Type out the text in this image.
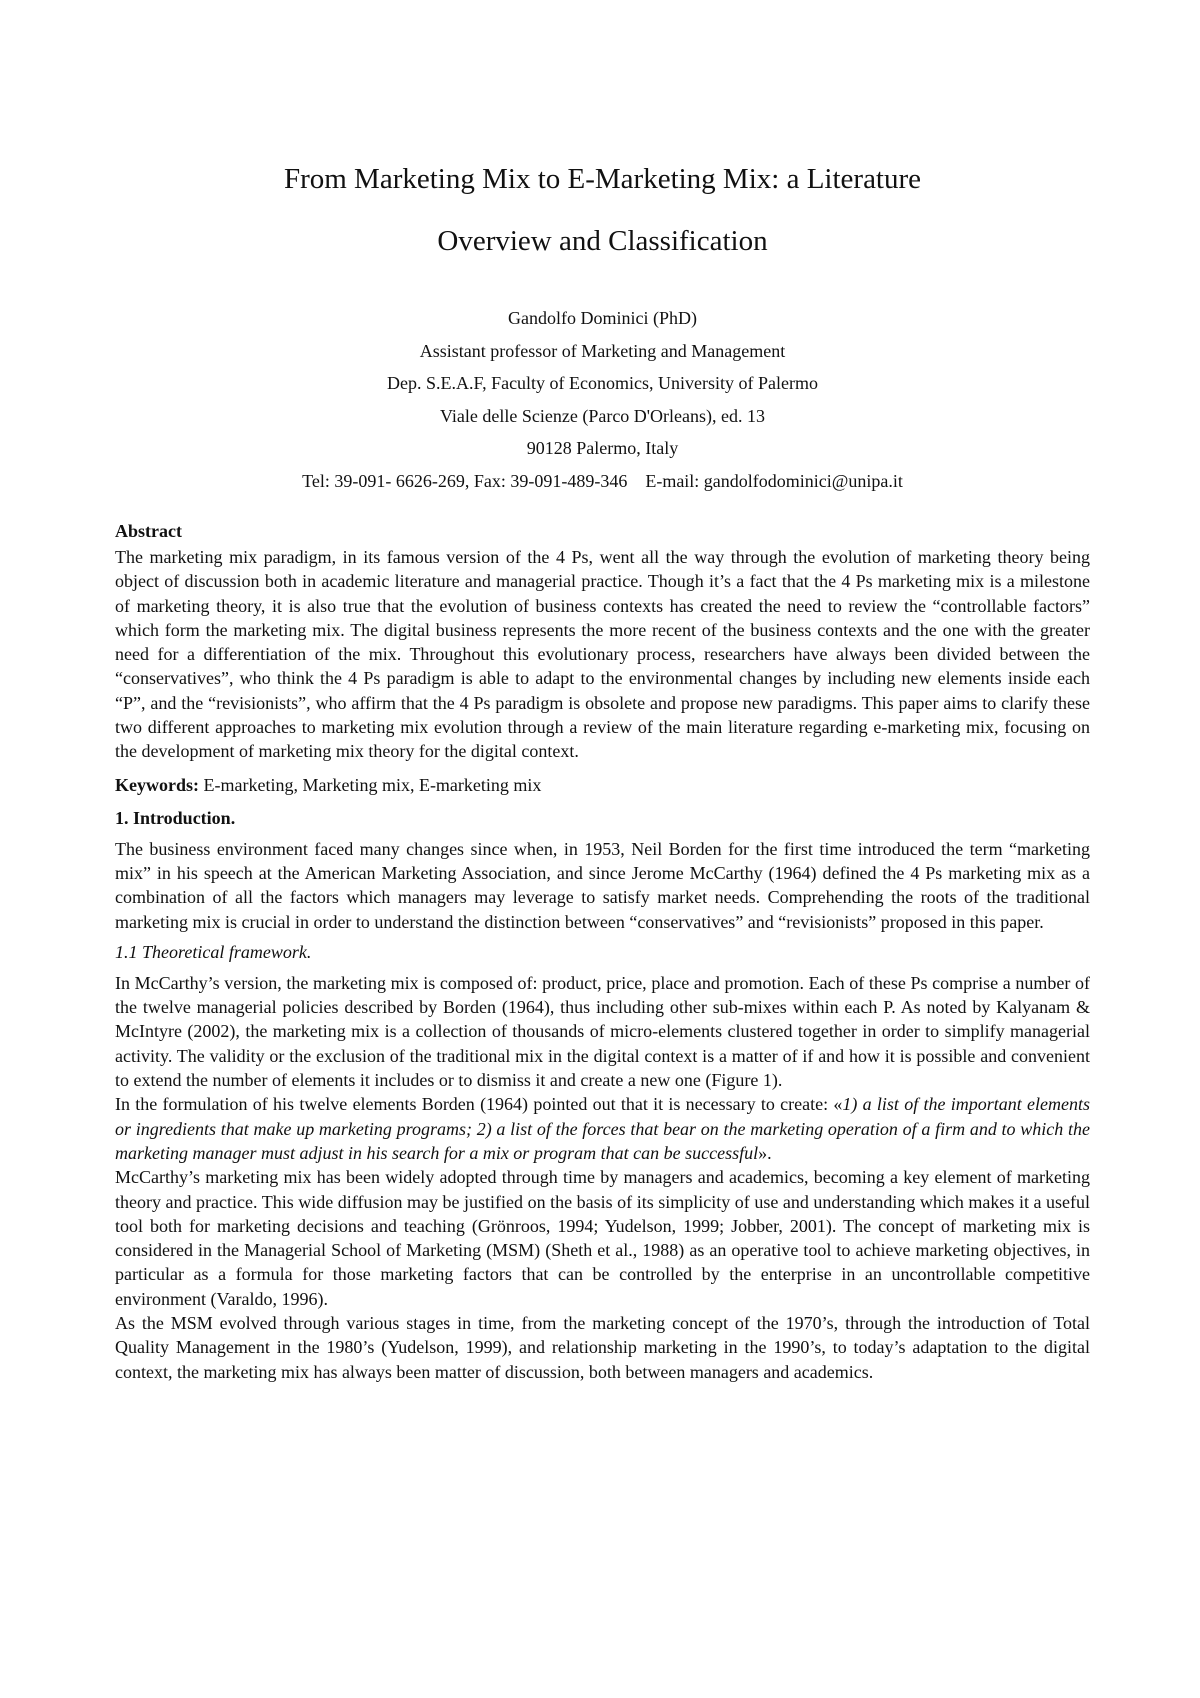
From Marketing Mix to E-Marketing Mix: a Literature
Overview and Classification
Gandolfo Dominici (PhD)
Assistant professor of Marketing and Management
Dep. S.E.A.F, Faculty of Economics, University of Palermo
Viale delle Scienze (Parco D'Orleans), ed. 13
90128 Palermo, Italy
Tel: 39-091- 6626-269, Fax: 39-091-489-346 E-mail: gandolfodominici@unipa.it
Abstract

The marketing mix paradigm, in its famous version of the 4 Ps, went all the way through the evolution of marketing theory being object of discussion both in academic literature and managerial practice. Though it’s a fact that the 4 Ps marketing mix is a milestone of marketing theory, it is also true that the evolution of business contexts has created the need to review the “controllable factors” which form the marketing mix. The digital business represents the more recent of the business contexts and the one with the greater need for a differentiation of the mix. Throughout this evolutionary process, researchers have always been divided between the “conservatives”, who think the 4 Ps paradigm is able to adapt to the environmental changes by including new elements inside each “P”, and the “revisionists”, who affirm that the 4 Ps paradigm is obsolete and propose new paradigms. This paper aims to clarify these two different approaches to marketing mix evolution through a review of the main literature regarding e-marketing mix, focusing on the development of marketing mix theory for the digital context.

Keywords: E-marketing, Marketing mix, E-marketing mix
1. Introduction.

The business environment faced many changes since when, in 1953, Neil Borden for the first time introduced the term “marketing mix” in his speech at the American Marketing Association, and since Jerome McCarthy (1964) defined the 4 Ps marketing mix as a combination of all the factors which managers may leverage to satisfy market needs. Comprehending the roots of the traditional marketing mix is crucial in order to understand the distinction between “conservatives” and “revisionists” proposed in this paper.

1.1 Theoretical framework.

In McCarthy’s version, the marketing mix is composed of: product, price, place and promotion. Each of these Ps comprise a number of the twelve managerial policies described by Borden (1964), thus including other sub-mixes within each P. As noted by Kalyanam & McIntyre (2002), the marketing mix is a collection of thousands of micro-elements clustered together in order to simplify managerial activity. The validity or the exclusion of the traditional mix in the digital context is a matter of if and how it is possible and convenient to extend the number of elements it includes or to dismiss it and create a new one (Figure 1).

In the formulation of his twelve elements Borden (1964) pointed out that it is necessary to create: «1) a list of the important elements or ingredients that make up marketing programs; 2) a list of the forces that bear on the marketing operation of a firm and to which the marketing manager must adjust in his search for a mix or program that can be successful».

McCarthy’s marketing mix has been widely adopted through time by managers and academics, becoming a key element of marketing theory and practice. This wide diffusion may be justified on the basis of its simplicity of use and understanding which makes it a useful tool both for marketing decisions and teaching (Grönroos, 1994; Yudelson, 1999; Jobber, 2001). The concept of marketing mix is considered in the Managerial School of Marketing (MSM) (Sheth et al., 1988) as an operative tool to achieve marketing objectives, in particular as a formula for those marketing factors that can be controlled by the enterprise in an uncontrollable competitive environment (Varaldo, 1996).

As the MSM evolved through various stages in time, from the marketing concept of the 1970’s, through the introduction of Total Quality Management in the 1980’s (Yudelson, 1999), and relationship marketing in the 1990’s, to today’s adaptation to the digital context, the marketing mix has always been matter of discussion, both between managers and academics.
